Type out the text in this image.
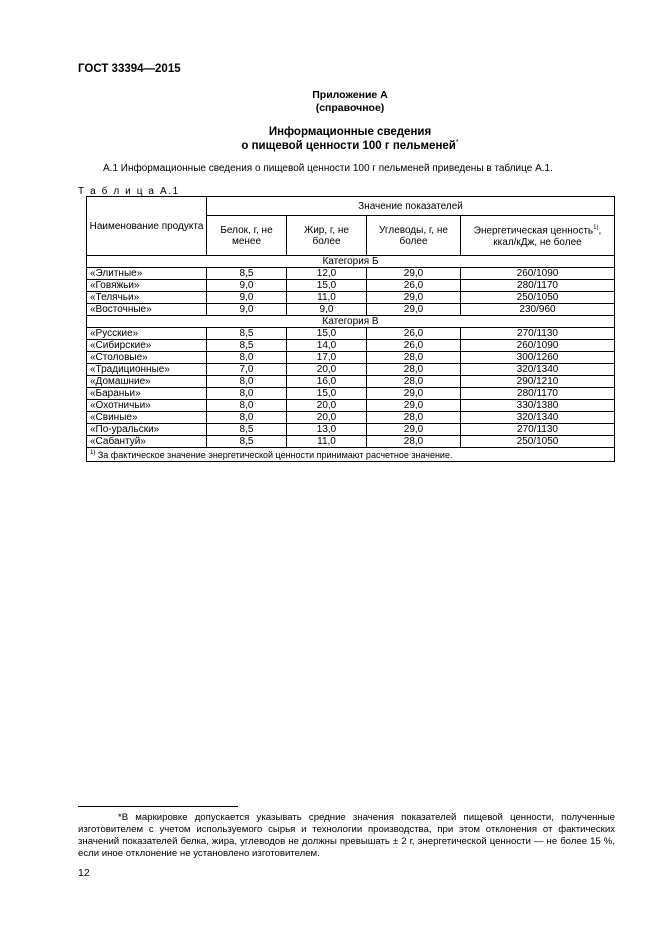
ГОСТ 33394—2015
Приложение А
(справочное)
Информационные сведения
о пищевой ценности 100 г пельменей*
А.1 Информационные сведения о пищевой ценности 100 г пельменей приведены в таблице А.1.
Т а б л и ц а А.1
Наименование продукта	Значение показателей			
	Белок, г, не менее	Жир, г, не более	Углеводы, г, не более	Энергетическая ценность$^{1)}$, ккал/кДж, не более
Категория Б				
«Элитные»	8,5	12,0	29,0	260/1090
«Говяжьи»	9,0	15,0	26,0	280/1170
«Телячьи»	9,0	11,0	29,0	250/1050
«Восточные»	9,0	9,0	29,0	230/960
Категория В				
«Русские»	8,5	15,0	26,0	270/1130
«Сибирские»	8,5	14,0	26,0	260/1090
«Столовые»	8,0	17,0	28,0	300/1260
«Традиционные»	7,0	20,0	28,0	320/1340
«Домашние»	8,0	16,0	28,0	290/1210
«Бараньи»	8,0	15,0	29,0	280/1170
«Охотничьи»	8,0	20,0	29,0	330/1380
«Свиные»	8,0	20,0	28,0	320/1340
«По-уральски»	8,5	13,0	29,0	270/1130
«Сабантуй»	8,5	11,0	28,0	250/1050
$^{1)}$ За фактическое значение энергетической ценности принимают расчетное значение.				
*В маркировке допускается указывать средние значения показателей пищевой ценности, полученные изготовителем с учетом используемого сырья и технологии производства, при этом отклонения от фактических значений показателей белка, жира, углеводов не должны превышать ± 2 г, энергетической ценности — не более 15 %, если иное отклонение не установлено изготовителем.
12
